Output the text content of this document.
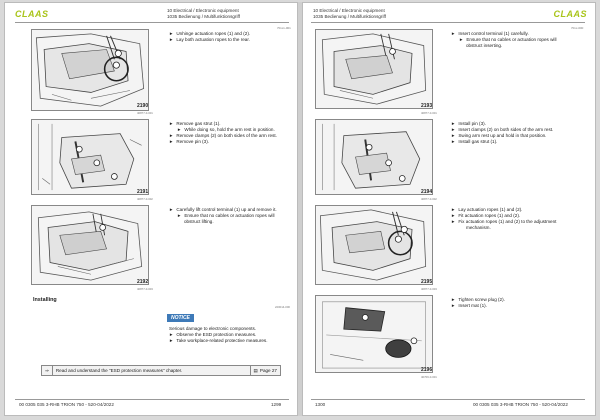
CLAAS	10 Electrical / Electronic equipment
1035 Bedienung / Multifunktionsgriff
70xxx-001
2190
40877-0-001
► Unhinge actuation ropes (1) and (2).
► Lay both actuation ropes to the rear.
2191
40877-0-002
► Remove gas strut (1).
► While doing so, hold the arm rest in position.
► Remove clamps (2) on both sides of the arm rest.
► Remove pin (3).
2192
40877-0-003
► Carefully lift control terminal (1) up and remove it.
► Ensure that no cables or actuation ropes will
obstruct lifting.
Installing
220014-000
NOTICE
Serious damage to electronic components.
► Observe the ESD protection measures.
► Take workplace-related protective measures.
⇒	Read and understand the "ESD protection measures" chapter.	▤ Page 27
00 0305 035 3-RHB TRION 750 - 520-04/2022	1299
CLAAS
10 Electrical / Electronic equipment
1035 Bedienung / Multifunktionsgriff
70xx-000
2193
40877-0-001
► Insert control terminal (1) carefully.
► Ensure that no cables or actuation ropes will
obstruct inserting.
2194
40877-0-002
► Install pin (3).
► Insert clamps (2) on both sides of the arm rest.
► Swing arm rest up and hold in that position.
► Install gas strut (1).
2195
40877-0-003
► Lay actuation ropes (1) and (2).
► Fit actuation ropes (1) and (2).
► Fix actuation ropes (1) and (2) to the adjustment
mechanism.
2196
40706-0-001
► Tighten screw plug (2).
► Insert mat (1).
1300	00 0305 035 3-RHB TRION 750 - 520-04/2022
